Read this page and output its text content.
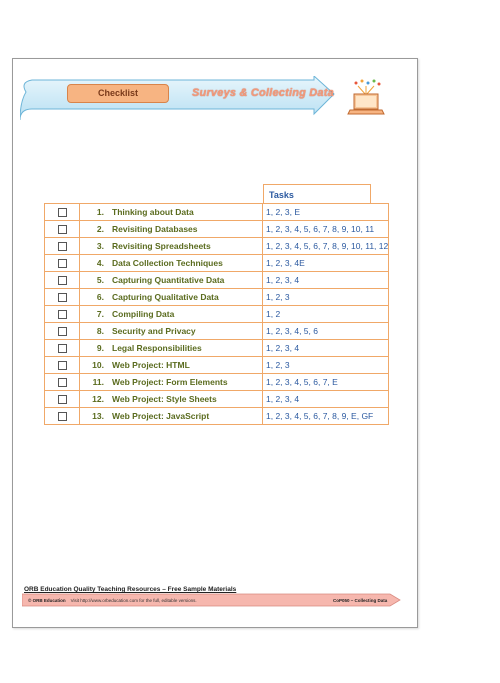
Checklist	Surveys & Collecting Data
Tasks
	1.	Thinking about Data	1, 2, 3, E
	2.	Revisiting Databases	1, 2, 3, 4, 5, 6, 7, 8, 9, 10, 11
	3.	Revisiting Spreadsheets	1, 2, 3, 4, 5, 6, 7, 8, 9, 10, 11, 12
	4.	Data Collection Techniques	1, 2, 3, 4E
	5.	Capturing Quantitative Data	1, 2, 3, 4
	6.	Capturing Qualitative Data	1, 2, 3
	7.	Compiling Data	1, 2
	8.	Security and Privacy	1, 2, 3, 4, 5, 6
	9.	Legal Responsibilities	1, 2, 3, 4
	10.	Web Project: HTML	1, 2, 3
	11.	Web Project: Form Elements	1, 2, 3, 4, 5, 6, 7, E
	12.	Web Project: Style Sheets	1, 2, 3, 4
	13.	Web Project: JavaScript	1, 2, 3, 4, 5, 6, 7, 8, 9, E, GF
ORB Education Quality Teaching Resources – Free Sample Materials
© ORB Education Visit http://www.orbeducation.com for the full, editable versions.	CoP050 – Collecting Data
